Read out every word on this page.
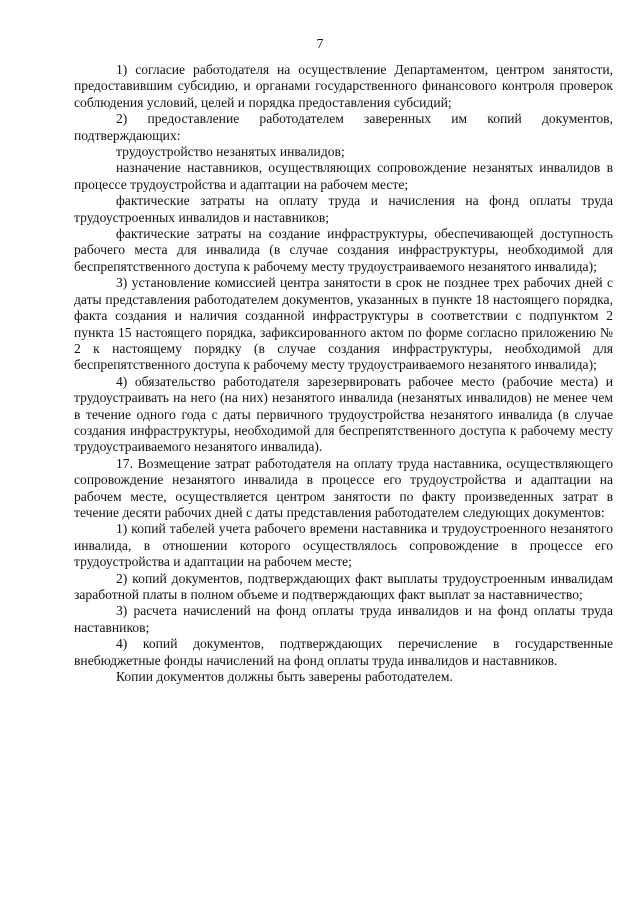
7

1) согласие работодателя на осуществление Департаментом, центром занятости, предоставившим субсидию, и органами государственного финансового контроля проверок соблюдения условий, целей и порядка предоставления субсидий;

2) предоставление работодателем заверенных им копий документов, подтверждающих:

трудоустройство незанятых инвалидов;

назначение наставников, осуществляющих сопровождение незанятых инвалидов в процессе трудоустройства и адаптации на рабочем месте;

фактические затраты на оплату труда и начисления на фонд оплаты труда трудоустроенных инвалидов и наставников;

фактические затраты на создание инфраструктуры, обеспечивающей доступность рабочего места для инвалида (в случае создания инфраструктуры, необходимой для беспрепятственного доступа к рабочему месту трудоустраиваемого незанятого инвалида);

3) установление комиссией центра занятости в срок не позднее трех рабочих дней с даты представления работодателем документов, указанных в пункте 18 настоящего порядка, факта создания и наличия созданной инфраструктуры в соответствии с подпунктом 2 пункта 15 настоящего порядка, зафиксированного актом по форме согласно приложению № 2 к настоящему порядку (в случае создания инфраструктуры, необходимой для беспрепятственного доступа к рабочему месту трудоустраиваемого незанятого инвалида);

4) обязательство работодателя зарезервировать рабочее место (рабочие места) и трудоустраивать на него (на них) незанятого инвалида (незанятых инвалидов) не менее чем в течение одного года с даты первичного трудоустройства незанятого инвалида (в случае создания инфраструктуры, необходимой для беспрепятственного доступа к рабочему месту трудоустраиваемого незанятого инвалида).

17. Возмещение затрат работодателя на оплату труда наставника, осуществляющего сопровождение незанятого инвалида в процессе его трудоустройства и адаптации на рабочем месте, осуществляется центром занятости по факту произведенных затрат в течение десяти рабочих дней с даты представления работодателем следующих документов:

1) копий табелей учета рабочего времени наставника и трудоустроенного незанятого инвалида, в отношении которого осуществлялось сопровождение в процессе его трудоустройства и адаптации на рабочем месте;

2) копий документов, подтверждающих факт выплаты трудоустроенным инвалидам заработной платы в полном объеме и подтверждающих факт выплат за наставничество;

3) расчета начислений на фонд оплаты труда инвалидов и на фонд оплаты труда наставников;

4) копий документов, подтверждающих перечисление в государственные внебюджетные фонды начислений на фонд оплаты труда инвалидов и наставников.

Копии документов должны быть заверены работодателем.
